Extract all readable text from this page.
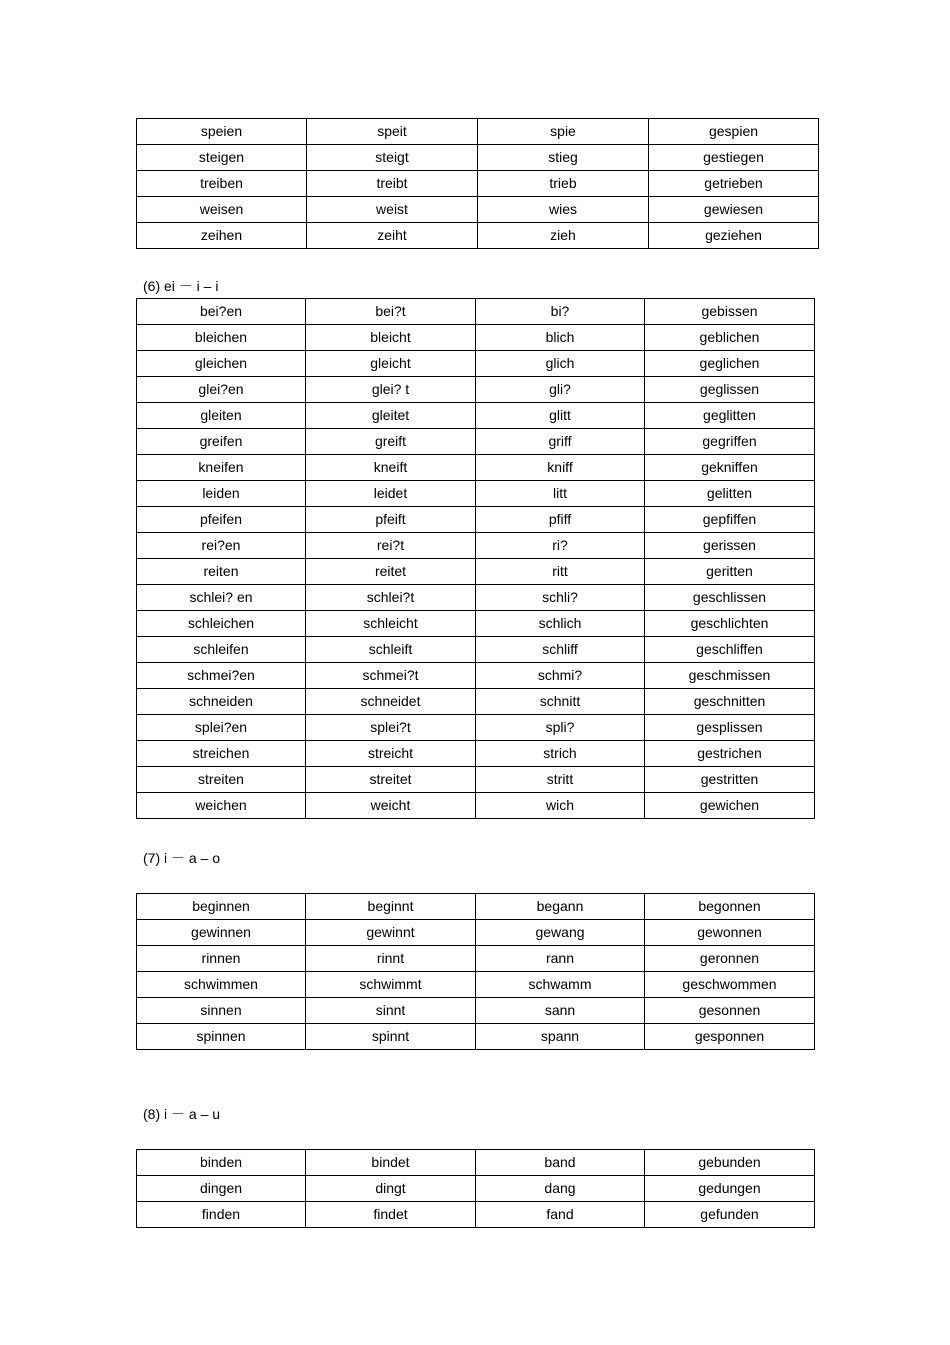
(6) ei － i – i
(7) i － a – o
(8) i － a – u
speien	speit	spie	gespien
steigen	steigt	stieg	gestiegen
treiben	treibt	trieb	getrieben
weisen	weist	wies	gewiesen
zeihen	zeiht	zieh	geziehen
bei?en	bei?t	bi?	gebissen
bleichen	bleicht	blich	geblichen
gleichen	gleicht	glich	geglichen
glei?en	glei? t	gli?	geglissen
gleiten	gleitet	glitt	geglitten
greifen	greift	griff	gegriffen
kneifen	kneift	kniff	gekniffen
leiden	leidet	litt	gelitten
pfeifen	pfeift	pfiff	gepfiffen
rei?en	rei?t	ri?	gerissen
reiten	reitet	ritt	geritten
schlei? en	schlei?t	schli?	geschlissen
schleichen	schleicht	schlich	geschlichten
schleifen	schleift	schliff	geschliffen
schmei?en	schmei?t	schmi?	geschmissen
schneiden	schneidet	schnitt	geschnitten
splei?en	splei?t	spli?	gesplissen
streichen	streicht	strich	gestrichen
streiten	streitet	stritt	gestritten
weichen	weicht	wich	gewichen
beginnen	beginnt	begann	begonnen
gewinnen	gewinnt	gewang	gewonnen
rinnen	rinnt	rann	geronnen
schwimmen	schwimmt	schwamm	geschwommen
sinnen	sinnt	sann	gesonnen
spinnen	spinnt	spann	gesponnen
binden	bindet	band	gebunden
dingen	dingt	dang	gedungen
finden	findet	fand	gefunden
